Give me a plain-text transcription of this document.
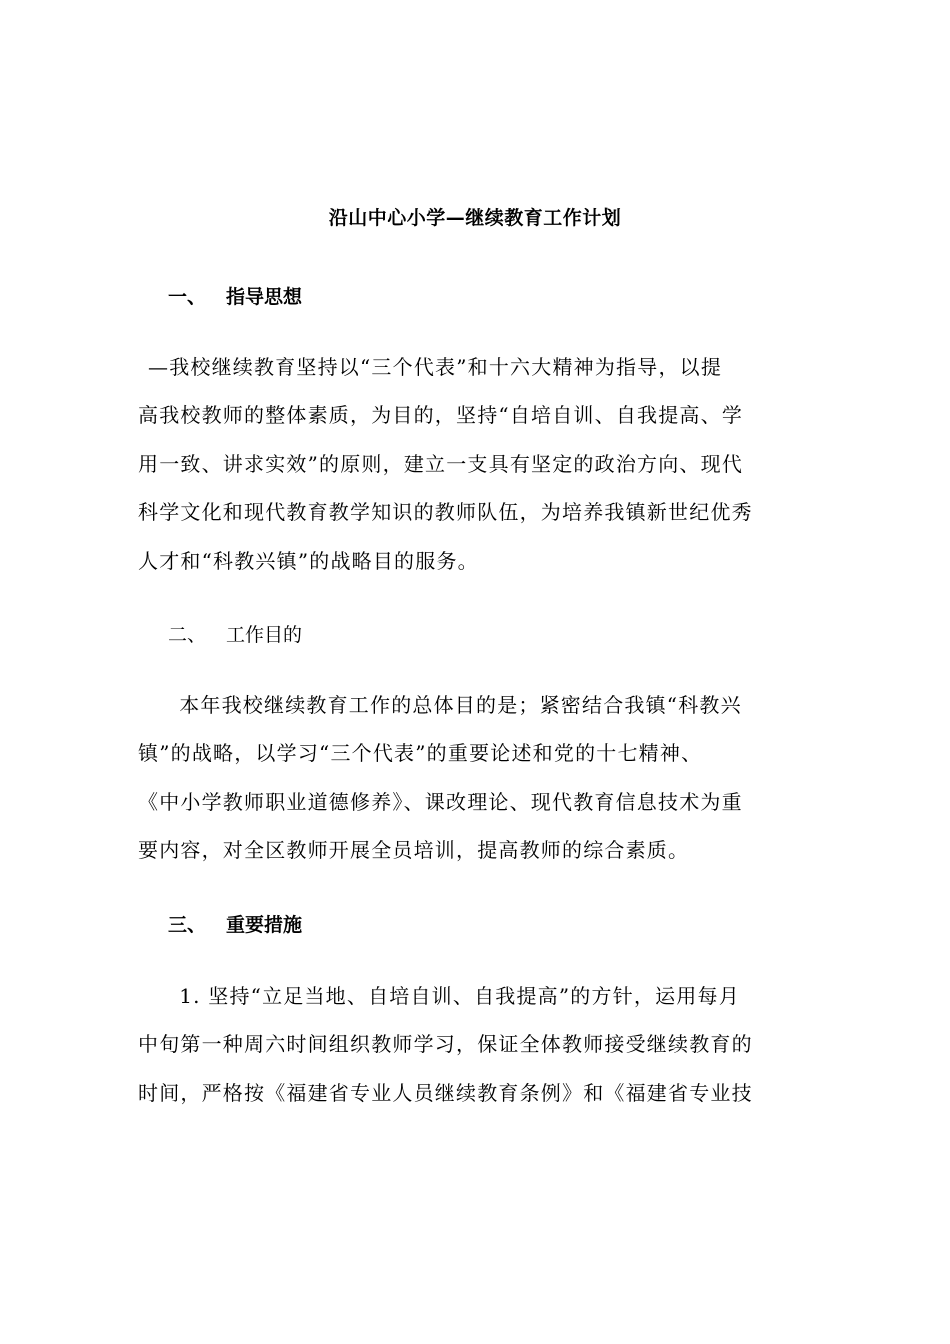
沿山中心小学—继续教育工作计划
一、 指导思想
—我校继续教育坚持以“三个代表”和十六大精神为指导，以提
高我校教师的整体素质，为目的，坚持“自培自训、自我提高、学
用一致、讲求实效”的原则，建立一支具有坚定的政治方向、现代
科学文化和现代教育教学知识的教师队伍，为培养我镇新世纪优秀
人才和“科教兴镇”的战略目的服务。
二、 工作目的
　本年我校继续教育工作的总体目的是；紧密结合我镇“科教兴
镇”的战略，以学习“三个代表”的重要论述和党的十七精神、
《中小学教师职业道德修养》、课改理论、现代教育信息技术为重
要内容，对全区教师开展全员培训，提高教师的综合素质。
三、 重要措施
　1. 坚持“立足当地、自培自训、自我提高”的方针，运用每月
中旬第一种周六时间组织教师学习，保证全体教师接受继续教育的
时间，严格按《福建省专业人员继续教育条例》和《福建省专业技
